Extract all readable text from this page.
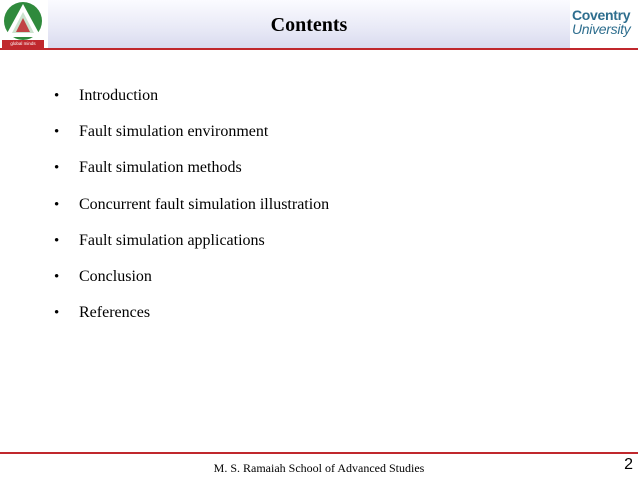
global minds
Contents	Coventry
University
•	Introduction
•	Fault simulation environment
•	Fault simulation methods
•	Concurrent fault simulation illustration
•	Fault simulation applications
•	Conclusion
•	References
M. S. Ramaiah School of Advanced Studies	2
